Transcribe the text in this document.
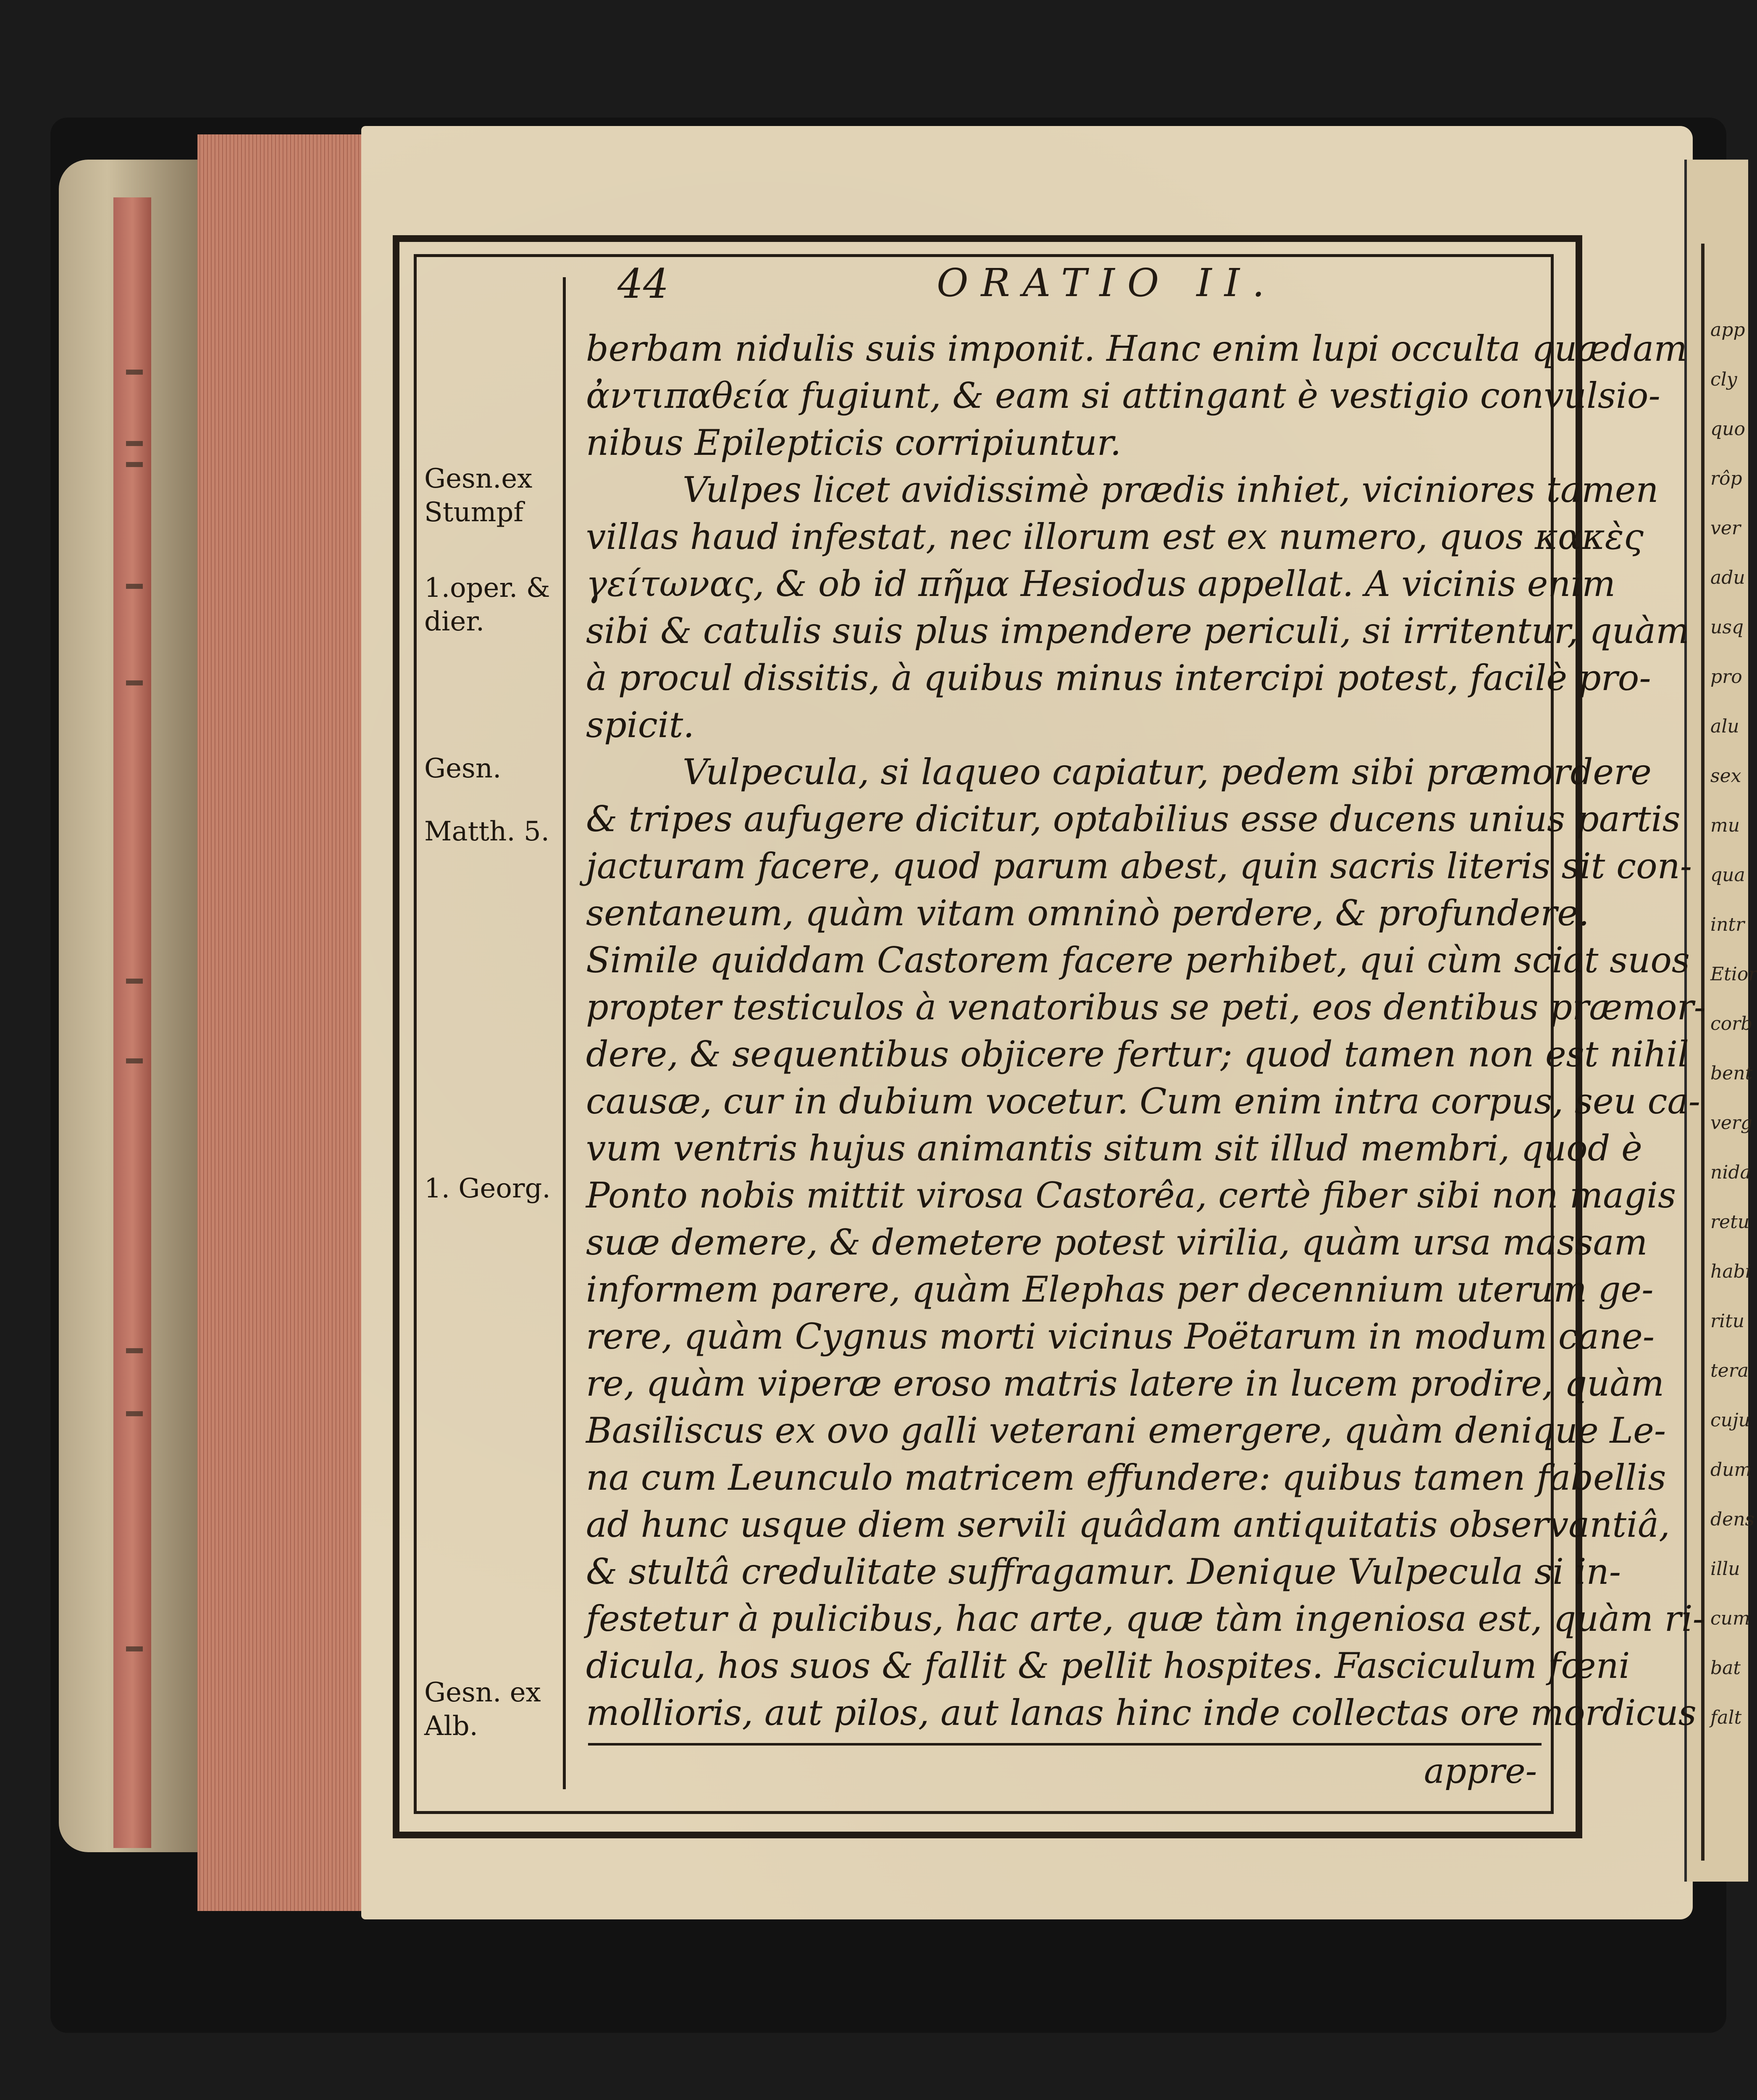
app
cly
quo
rôp
ver
adu
usq
pro
alu
sex
mu
qua
intr
Etior
corb
bent
verg
nida
retu
habi
ritu
tera
cuju
dum
dens
illu
cum
bat
falt
44	ORATIO II.
berbam nidulis suis imponit. Hanc enim lupi occulta quædam
ἀντιπαθεία fugiunt, & eam si attingant è vestigio convulsio-
nibus Epilepticis corripiuntur.
Vulpes licet avidissimè prædis inhiet, viciniores tamen
villas haud infestat, nec illorum est ex numero, quos κακὲς
γείτωνας, & ob id πῆμα Hesiodus appellat. A vicinis enim
sibi & catulis suis plus impendere periculi, si irritentur, quàm
à procul dissitis, à quibus minus intercipi potest, facilè pro-
spicit.
Vulpecula, si laqueo capiatur, pedem sibi præmordere
& tripes aufugere dicitur, optabilius esse ducens unius partis
jacturam facere, quod parum abest, quin sacris literis sit con-
sentaneum, quàm vitam omninò perdere, & profundere.
Simile quiddam Castorem facere perhibet, qui cùm sciat suos
propter testiculos à venatoribus se peti, eos dentibus præmor-
dere, & sequentibus objicere fertur; quod tamen non est nihil
causæ, cur in dubium vocetur. Cum enim intra corpus, seu ca-
vum ventris hujus animantis situm sit illud membri, quod è
Ponto nobis mittit virosa Castorêa, certè fiber sibi non magis
suæ demere, & demetere potest virilia, quàm ursa massam
informem parere, quàm Elephas per decennium uterum ge-
rere, quàm Cygnus morti vicinus Poëtarum in modum cane-
re, quàm viperæ eroso matris latere in lucem prodire, quàm
Basiliscus ex ovo galli veterani emergere, quàm denique Le-
na cum Leunculo matricem effundere: quibus tamen fabellis
ad hunc usque diem servili quâdam antiquitatis observantiâ,
& stultâ credulitate suffragamur. Denique Vulpecula si in-
festetur à pulicibus, hac arte, quæ tàm ingeniosa est, quàm ri-
dicula, hos suos & fallit & pellit hospites. Fasciculum fœni
mollioris, aut pilos, aut lanas hinc inde collectas ore mordicus
Gesn.ex Stumpf
1.oper. & dier.
Gesn.
Matth. 5.
1. Georg.
Gesn. ex Alb.
appre-
